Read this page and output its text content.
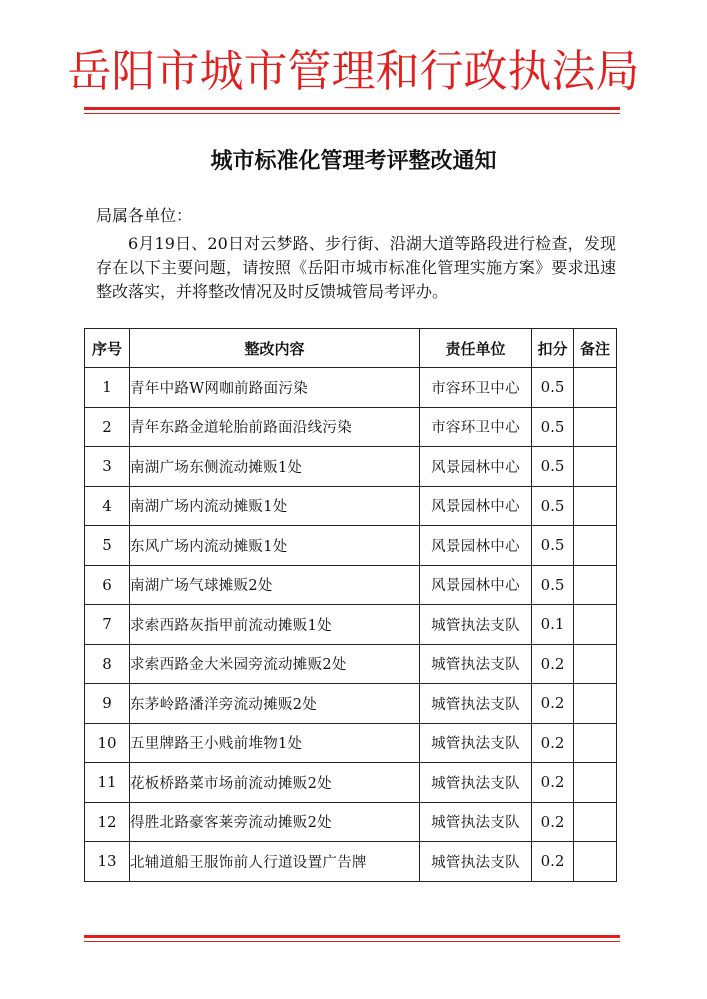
岳阳市城市管理和行政执法局
城市标准化管理考评整改通知
局属各单位：
6月19日、20日对云梦路、步行街、沿湖大道等路段进行检查，发现存在以下主要问题，请按照《岳阳市城市标准化管理实施方案》要求迅速整改落实，并将整改情况及时反馈城管局考评办。
序号	整改内容	责任单位	扣分	备注
1	青年中路W网咖前路面污染	市容环卫中心	0.5	
2	青年东路金道轮胎前路面沿线污染	市容环卫中心	0.5	
3	南湖广场东侧流动摊贩1处	风景园林中心	0.5	
4	南湖广场内流动摊贩1处	风景园林中心	0.5	
5	东风广场内流动摊贩1处	风景园林中心	0.5	
6	南湖广场气球摊贩2处	风景园林中心	0.5	
7	求索西路灰指甲前流动摊贩1处	城管执法支队	0.1	
8	求索西路金大米园旁流动摊贩2处	城管执法支队	0.2	
9	东茅岭路潘洋旁流动摊贩2处	城管执法支队	0.2	
10	五里牌路王小贱前堆物1处	城管执法支队	0.2	
11	花板桥路菜市场前流动摊贩2处	城管执法支队	0.2	
12	得胜北路豪客莱旁流动摊贩2处	城管执法支队	0.2	
13	北辅道船王服饰前人行道设置广告牌	城管执法支队	0.2	
